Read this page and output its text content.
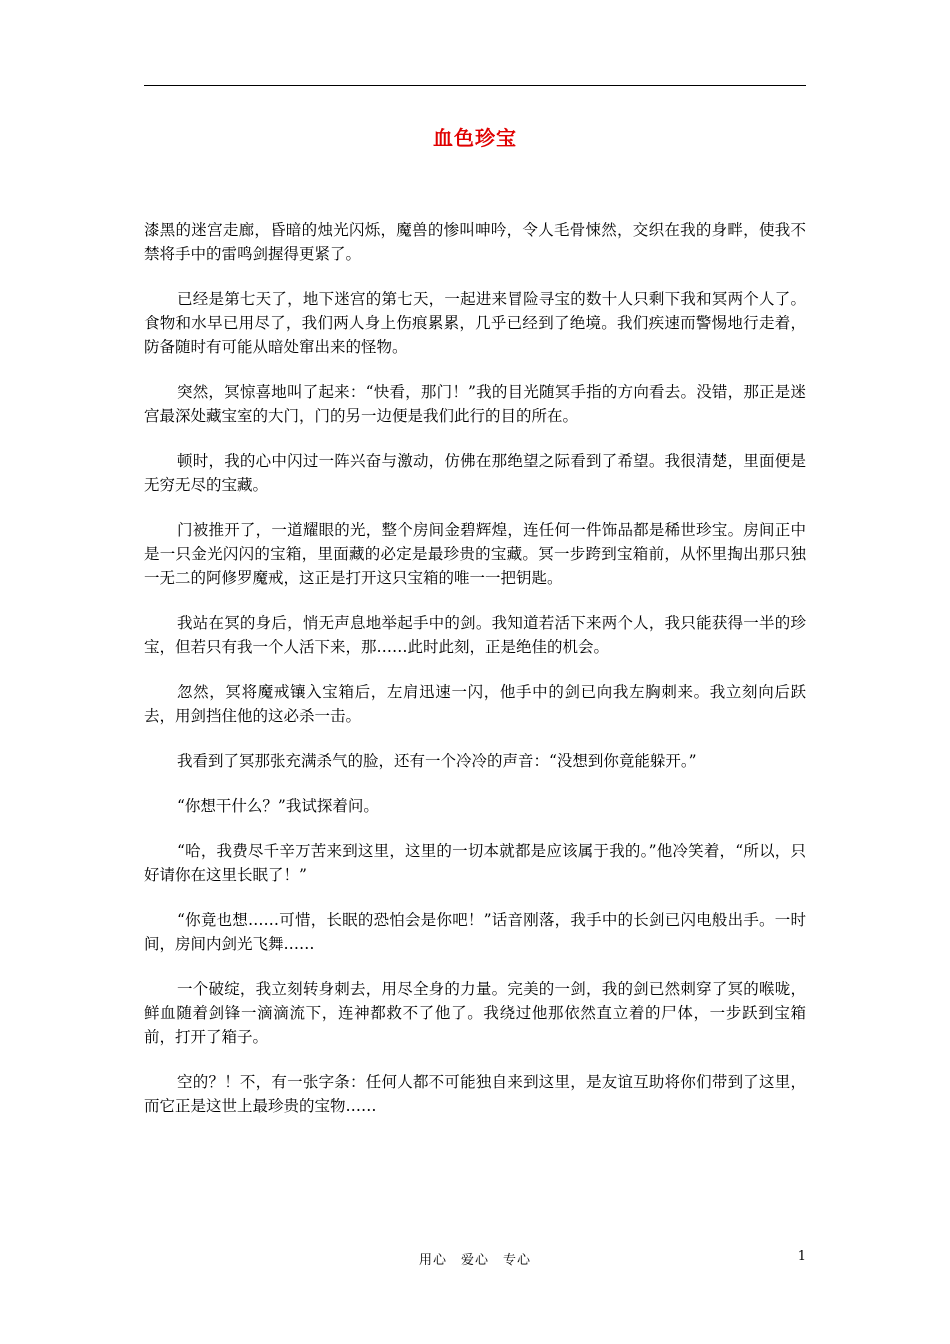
血色珍宝

漆黑的迷宫走廊，昏暗的烛光闪烁，魔兽的惨叫呻吟，令人毛骨悚然，交织在我的身畔，使我不禁将手中的雷鸣剑握得更紧了。

已经是第七天了，地下迷宫的第七天，一起进来冒险寻宝的数十人只剩下我和冥两个人了。食物和水早已用尽了，我们两人身上伤痕累累，几乎已经到了绝境。我们疾速而警惕地行走着，防备随时有可能从暗处窜出来的怪物。

突然，冥惊喜地叫了起来：“快看，那门！”我的目光随冥手指的方向看去。没错，那正是迷宫最深处藏宝室的大门，门的另一边便是我们此行的目的所在。

顿时，我的心中闪过一阵兴奋与激动，仿佛在那绝望之际看到了希望。我很清楚，里面便是无穷无尽的宝藏。

门被推开了，一道耀眼的光，整个房间金碧辉煌，连任何一件饰品都是稀世珍宝。房间正中是一只金光闪闪的宝箱，里面藏的必定是最珍贵的宝藏。冥一步跨到宝箱前，从怀里掏出那只独一无二的阿修罗魔戒，这正是打开这只宝箱的唯一一把钥匙。

我站在冥的身后，悄无声息地举起手中的剑。我知道若活下来两个人，我只能获得一半的珍宝，但若只有我一个人活下来，那……此时此刻，正是绝佳的机会。

忽然，冥将魔戒镶入宝箱后，左肩迅速一闪，他手中的剑已向我左胸刺来。我立刻向后跃去，用剑挡住他的这必杀一击。

我看到了冥那张充满杀气的脸，还有一个冷冷的声音：“没想到你竟能躲开。”

“你想干什么？”我试探着问。

“哈，我费尽千辛万苦来到这里，这里的一切本就都是应该属于我的。”他冷笑着，“所以，只好请你在这里长眠了！”

“你竟也想……可惜，长眠的恐怕会是你吧！”话音刚落，我手中的长剑已闪电般出手。一时间，房间内剑光飞舞……

一个破绽，我立刻转身刺去，用尽全身的力量。完美的一剑，我的剑已然刺穿了冥的喉咙，鲜血随着剑锋一滴滴流下，连神都救不了他了。我绕过他那依然直立着的尸体，一步跃到宝箱前，打开了箱子。

空的？！不，有一张字条：任何人都不可能独自来到这里，是友谊互助将你们带到了这里，而它正是这世上最珍贵的宝物……

用心　爱心　专心	1
